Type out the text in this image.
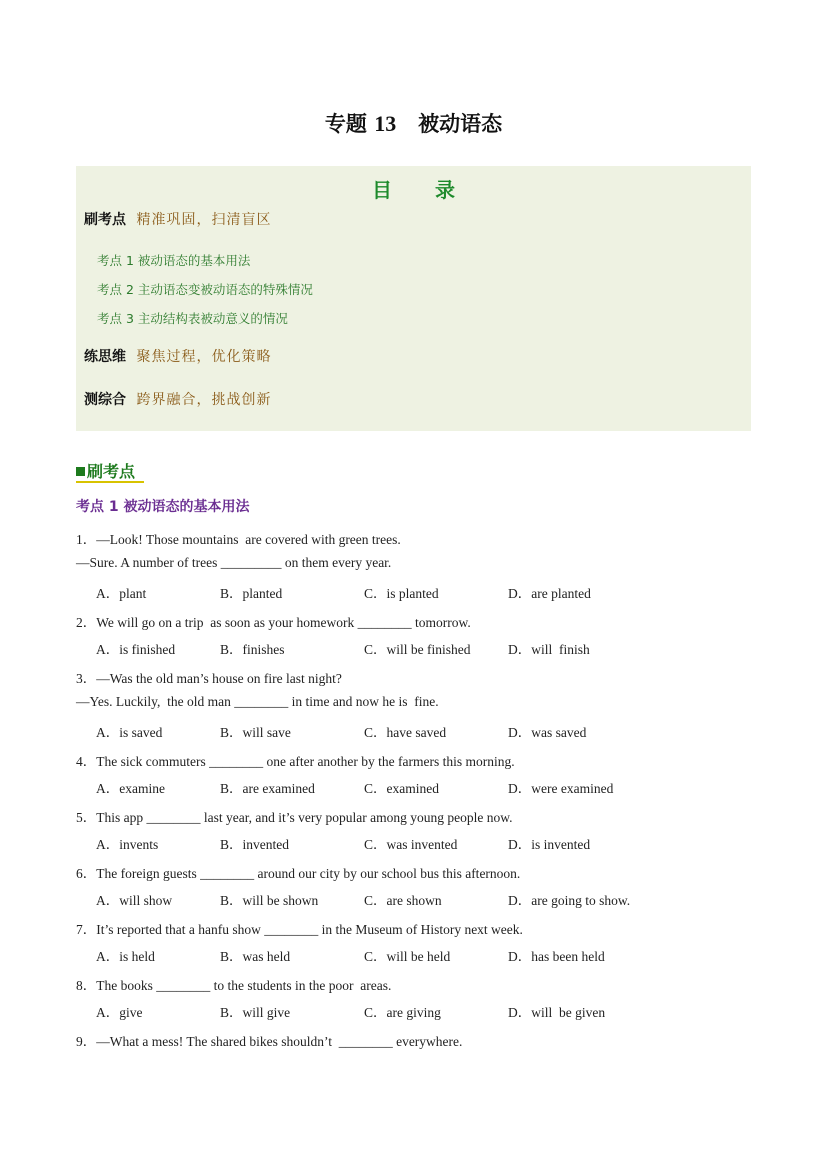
专题 13 被动语态
目 录
刷考点 精准巩固，扫清盲区
考点 1 被动语态的基本用法
考点 2 主动语态变被动语态的特殊情况
考点 3 主动结构表被动意义的情况
练思维 聚焦过程，优化策略
测综合 跨界融合，挑战创新
刷考点
考点 1 被动语态的基本用法
1．—Look! Those mountains  are covered with green trees.
—Sure. A number of trees _________ on them every year.
A．plant	B．planted	C．is planted	D．are planted
2．We will go on a trip  as soon as your homework ________ tomorrow.
A．is finished	B．finishes	C．will be finished	D．will  finish
3．—Was the old man’s house on fire last night?
—Yes. Luckily,  the old man ________ in time and now he is  fine.
A．is saved	B．will save	C．have saved	D．was saved
4．The sick commuters ________ one after another by the farmers this morning.
A．examine	B．are examined	C．examined	D．were examined
5．This app ________ last year, and it’s very popular among young people now.
A．invents	B．invented	C．was invented	D．is invented
6．The foreign guests ________ around our city by our school bus this afternoon.
A．will show	B．will be shown	C．are shown	D．are going to show.
7．It’s reported that a hanfu show ________ in the Museum of History next week.
A．is held	B．was held	C．will be held	D．has been held
8．The books ________ to the students in the poor  areas.
A．give	B．will give	C．are giving	D．will  be given
9．—What a mess! The shared bikes shouldn’t  ________ everywhere.
